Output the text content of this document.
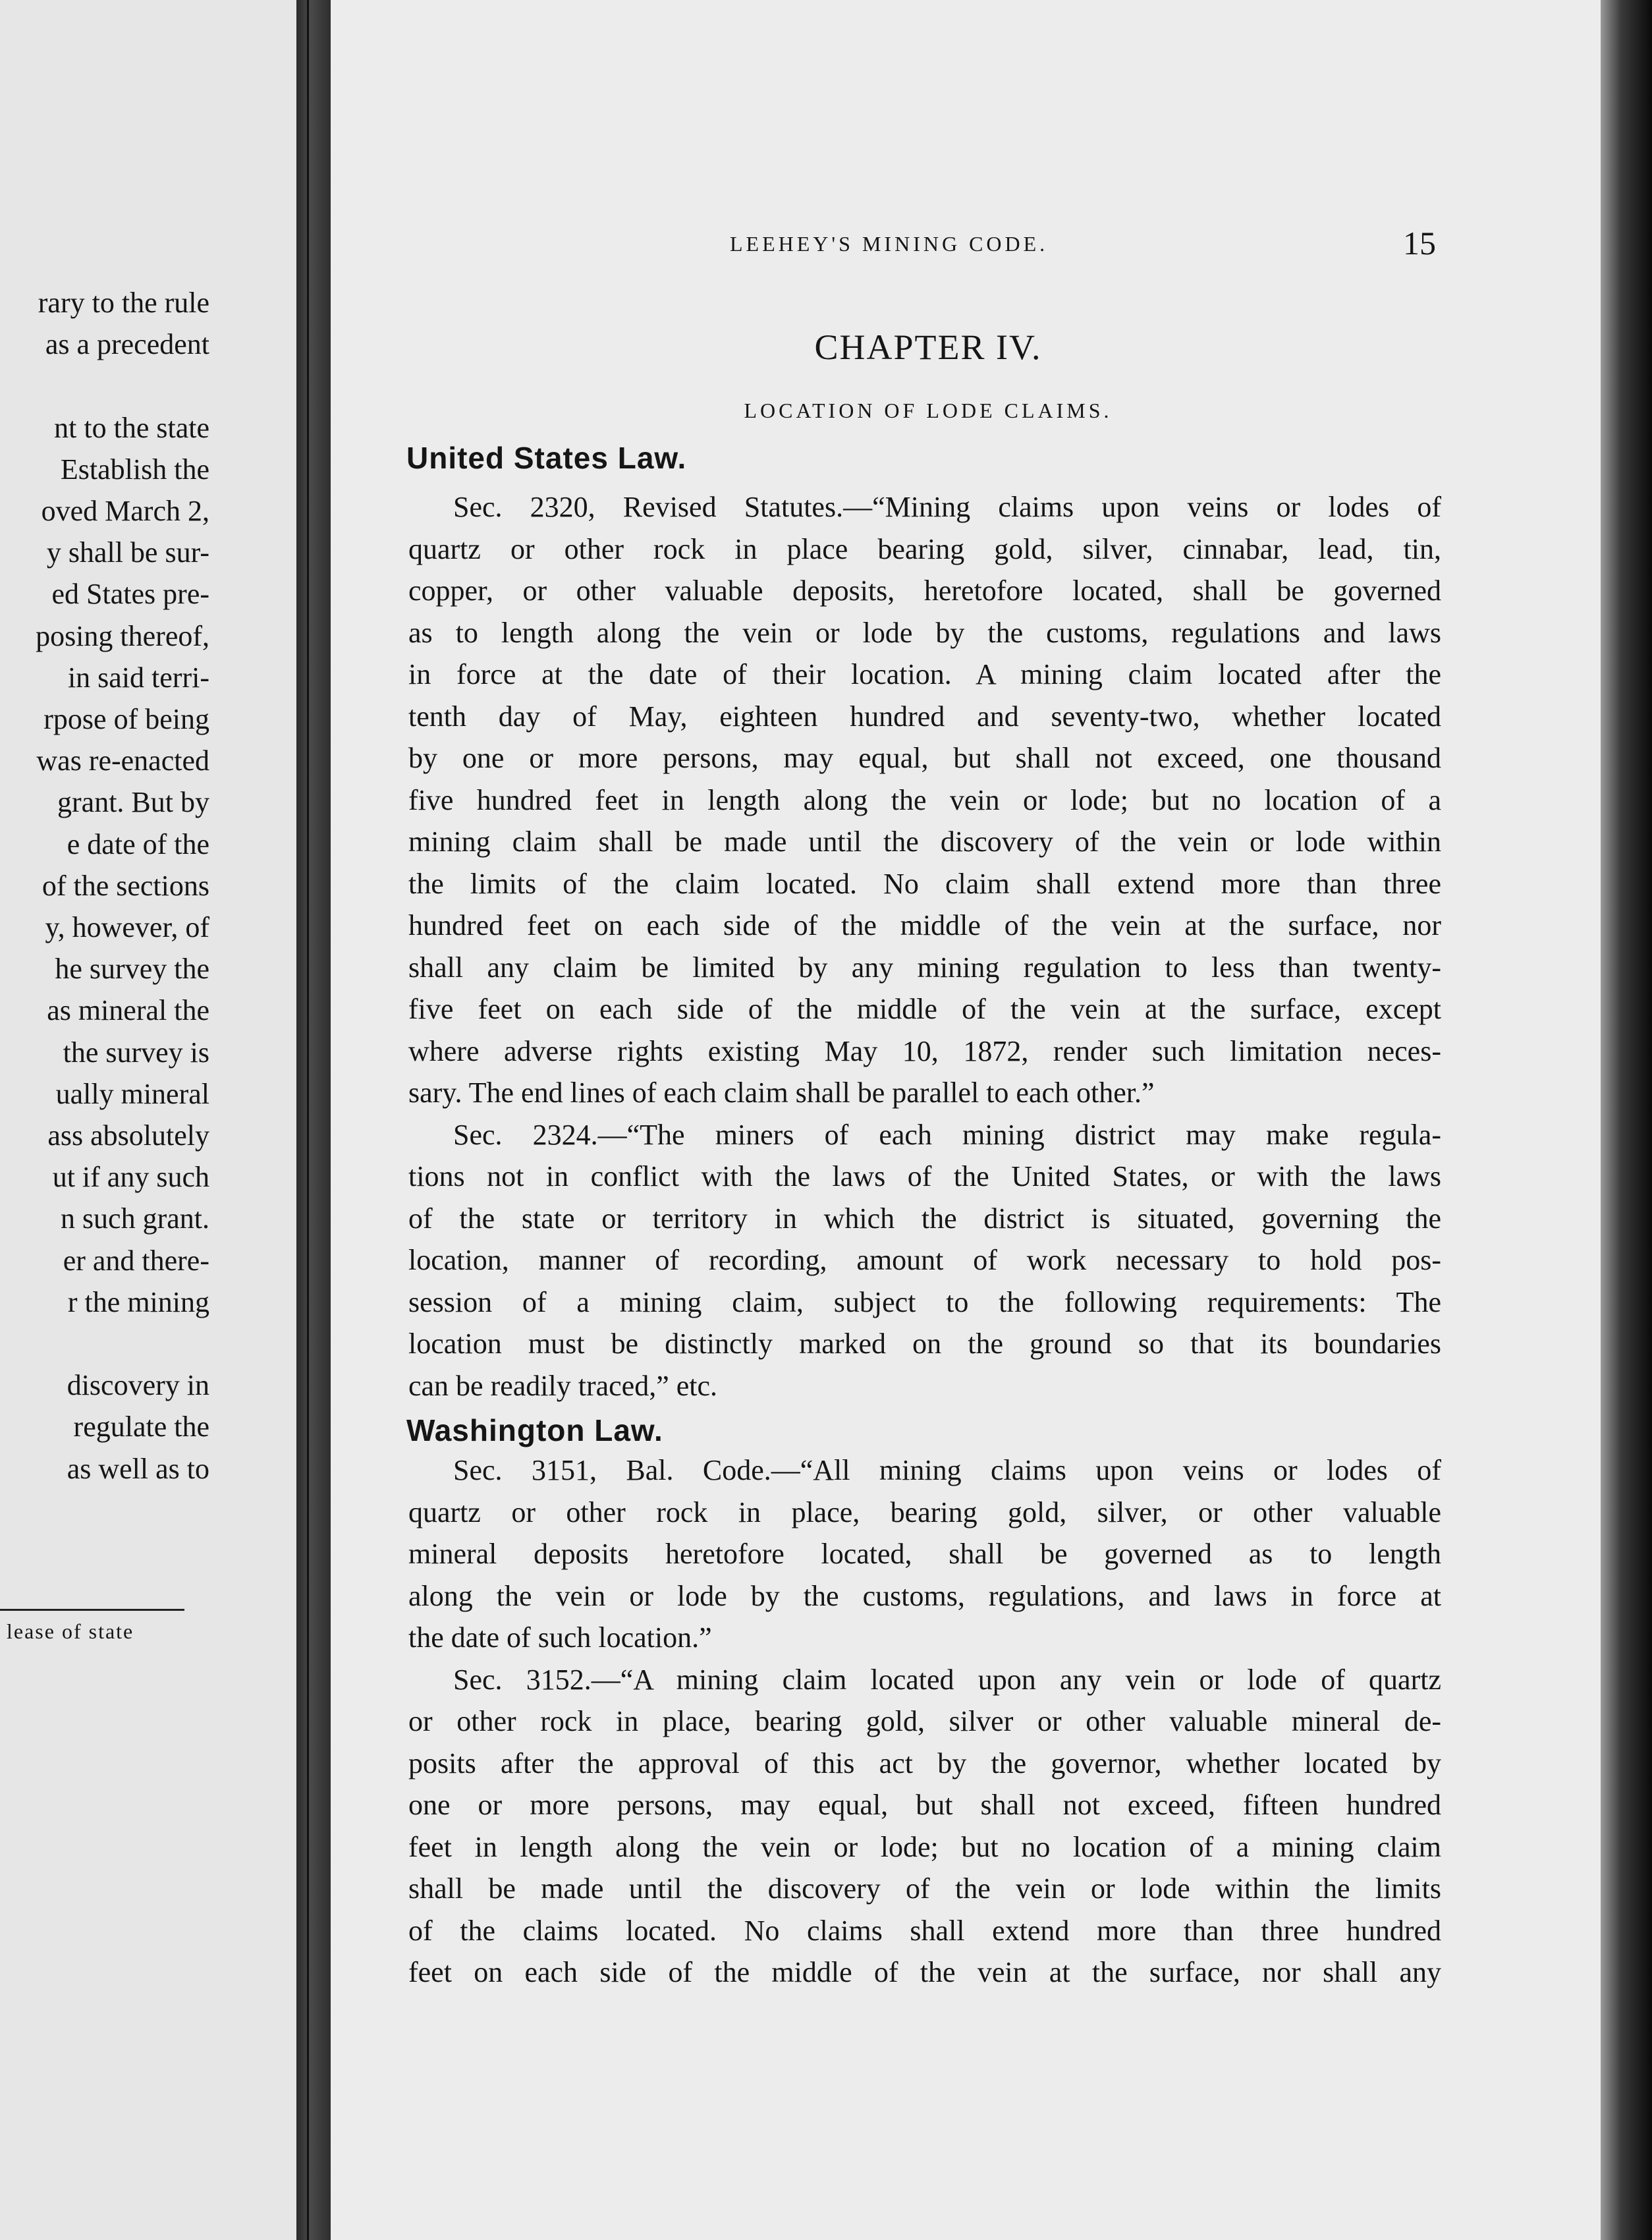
rary to the rule
as a precedent
nt to the state
Establish the
oved March 2,
y shall be sur-
ed States pre-
posing thereof,
in said terri-
rpose of being
was re-enacted
grant. But by
e date of the
of the sections
y, however, of
he survey the
as mineral the
the survey is
ually mineral
ass absolutely
ut if any such
n such grant.
er and there-
r the mining
discovery in
regulate the
as well as to
lease of state
LEEHEY'S MINING CODE.	15
CHAPTER IV.
LOCATION OF LODE CLAIMS.
United States Law.
Sec. 2320, Revised Statutes.—“Mining claims upon veins or lodes of
quartz or other rock in place bearing gold, silver, cinnabar, lead, tin,
copper, or other valuable deposits, heretofore located, shall be governed
as to length along the vein or lode by the customs, regulations and laws
in force at the date of their location. A mining claim located after the
tenth day of May, eighteen hundred and seventy-two, whether located
by one or more persons, may equal, but shall not exceed, one thousand
five hundred feet in length along the vein or lode; but no location of a
mining claim shall be made until the discovery of the vein or lode within
the limits of the claim located. No claim shall extend more than three
hundred feet on each side of the middle of the vein at the surface, nor
shall any claim be limited by any mining regulation to less than twenty-
five feet on each side of the middle of the vein at the surface, except
where adverse rights existing May 10, 1872, render such limitation neces-
sary. The end lines of each claim shall be parallel to each other.”
Sec. 2324.—“The miners of each mining district may make regula-
tions not in conflict with the laws of the United States, or with the laws
of the state or territory in which the district is situated, governing the
location, manner of recording, amount of work necessary to hold pos-
session of a mining claim, subject to the following requirements: The
location must be distinctly marked on the ground so that its boundaries
can be readily traced,” etc.
Washington Law.
Sec. 3151, Bal. Code.—“All mining claims upon veins or lodes of
quartz or other rock in place, bearing gold, silver, or other valuable
mineral deposits heretofore located, shall be governed as to length
along the vein or lode by the customs, regulations, and laws in force at
the date of such location.”
Sec. 3152.—“A mining claim located upon any vein or lode of quartz
or other rock in place, bearing gold, silver or other valuable mineral de-
posits after the approval of this act by the governor, whether located by
one or more persons, may equal, but shall not exceed, fifteen hundred
feet in length along the vein or lode; but no location of a mining claim
shall be made until the discovery of the vein or lode within the limits
of the claims located. No claims shall extend more than three hundred
feet on each side of the middle of the vein at the surface, nor shall any
